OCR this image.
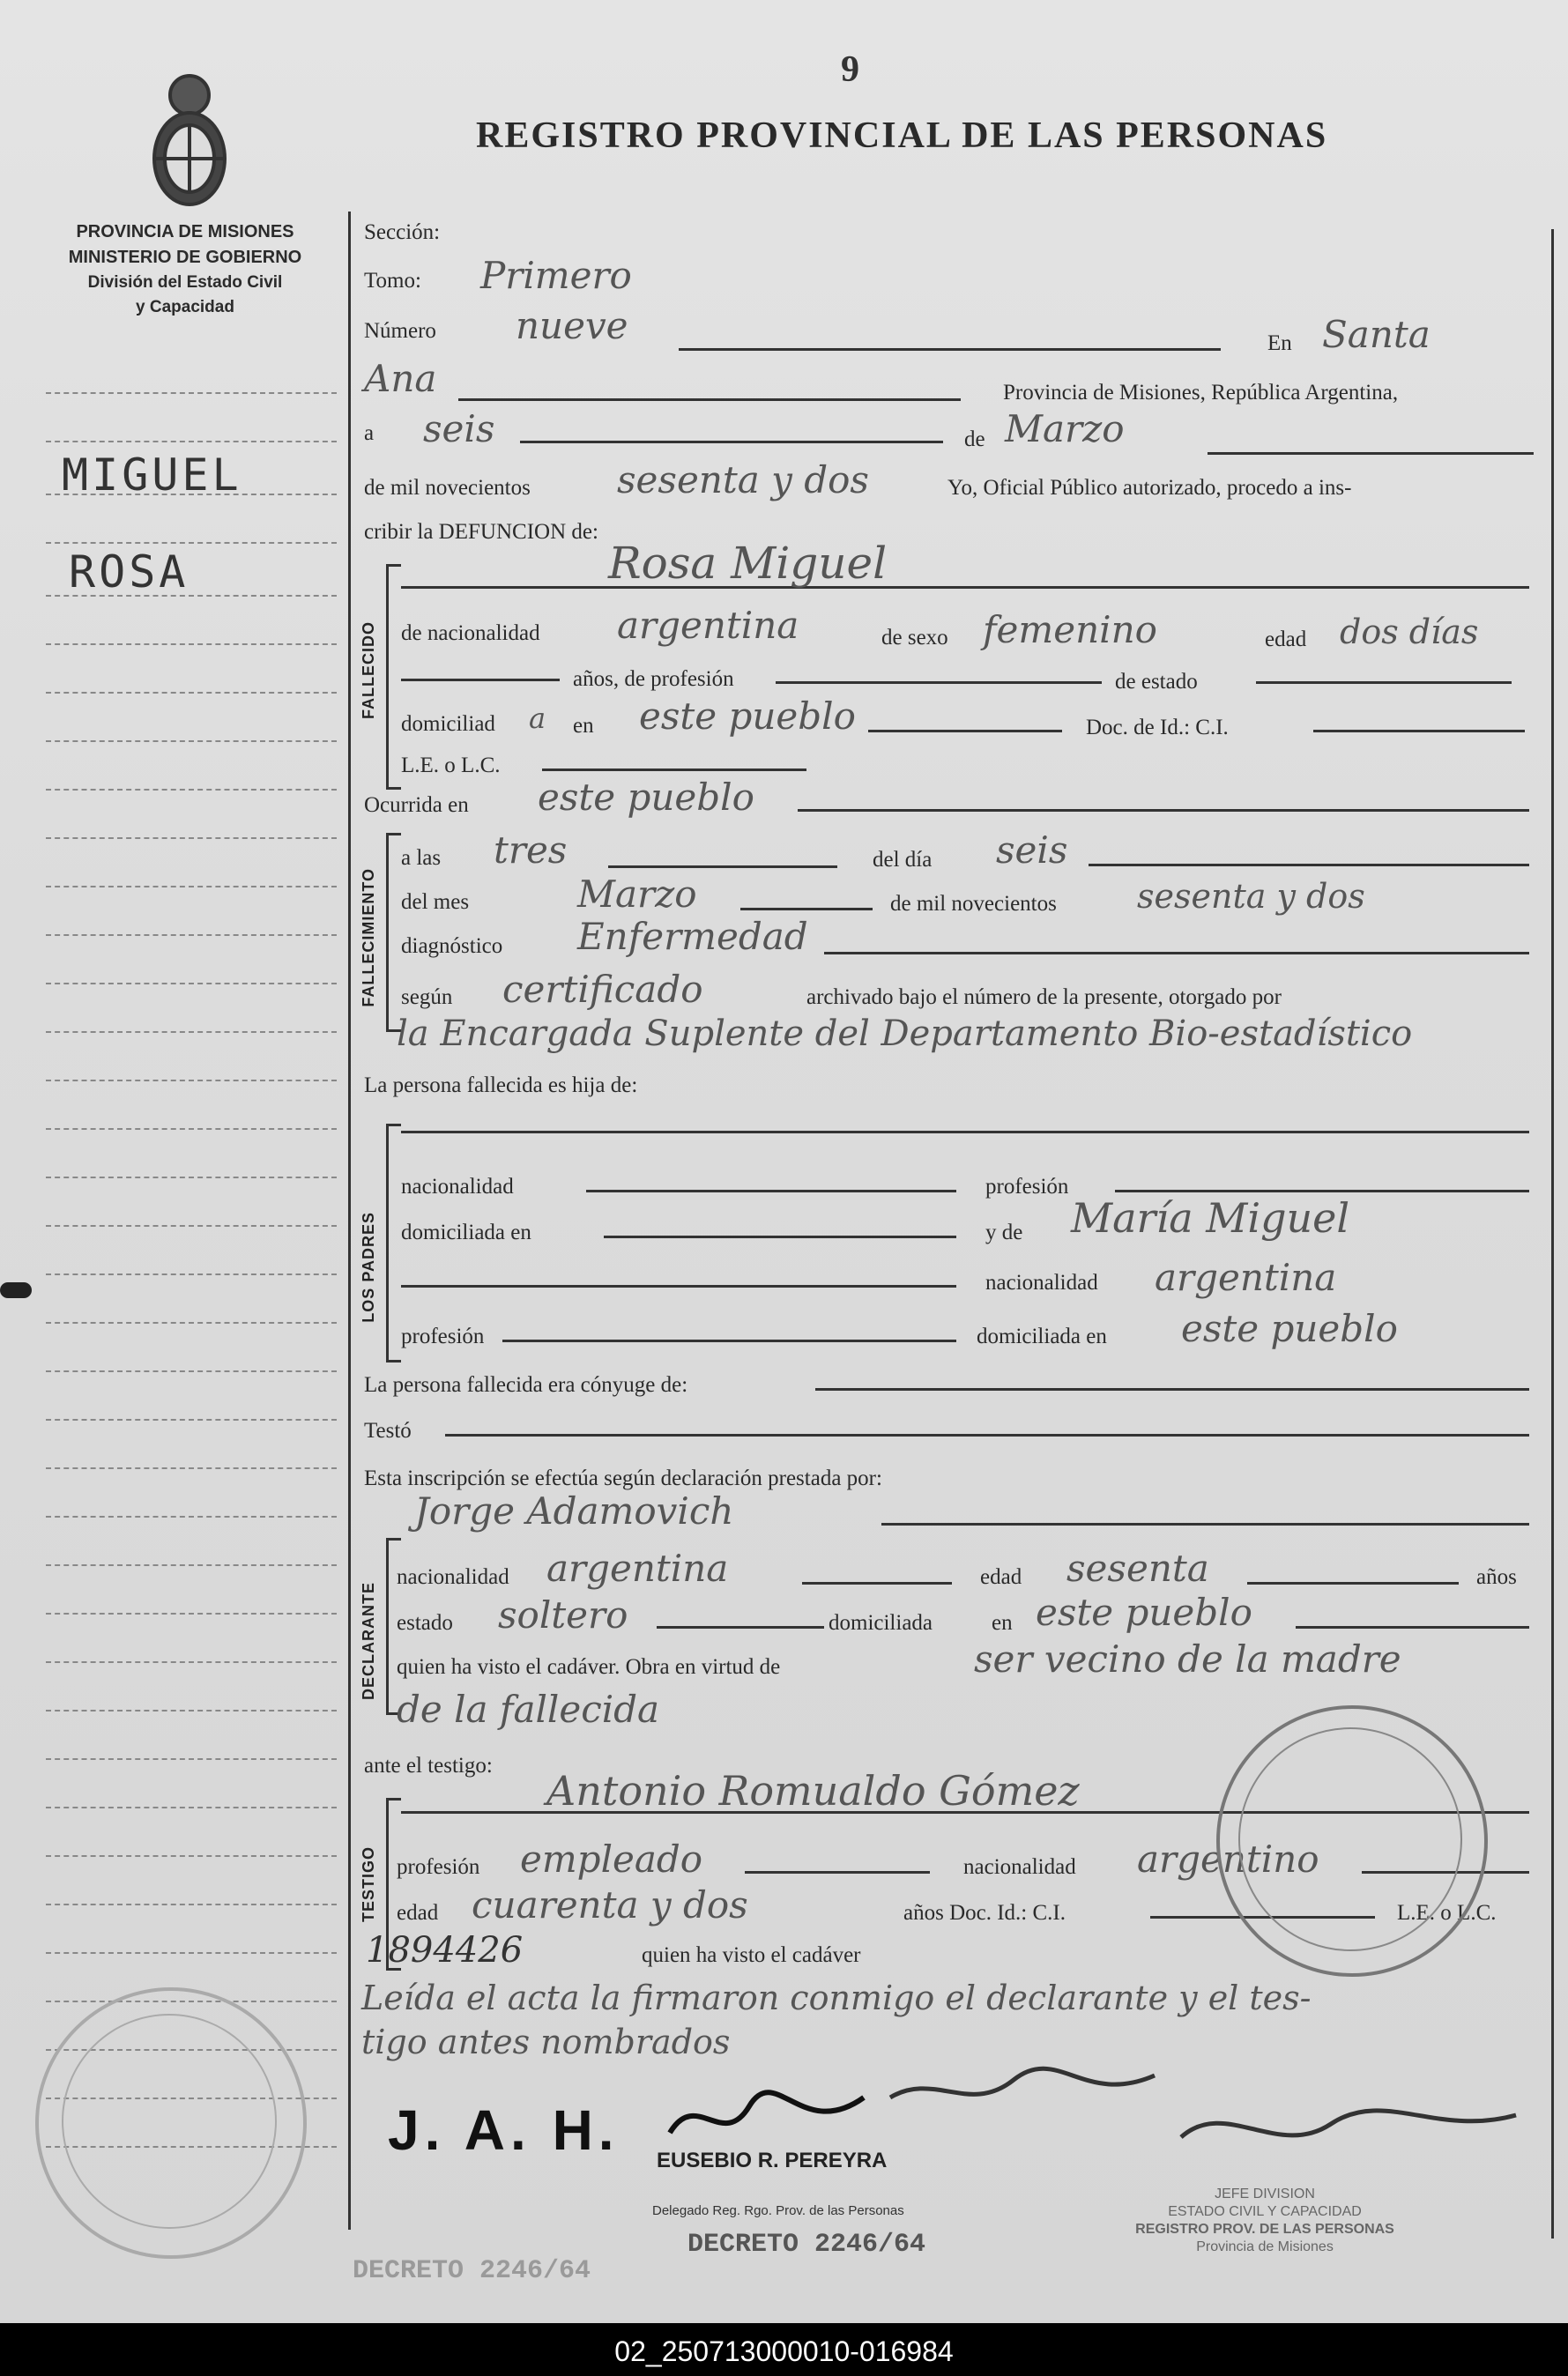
9
REGISTRO PROVINCIAL DE LAS PERSONAS
PROVINCIA DE MISIONES
MINISTERIO DE GOBIERNO
División del Estado Civil
y Capacidad
MIGUEL
ROSA
FALLECIDO
FALLECIMIENTO
LOS PADRES
DECLARANTE
TESTIGO
Sección:
Tomo: Primero
Número nueve	En Santa
Ana	Provincia de Misiones, República Argentina,
a seis	de Marzo
de mil novecientos sesenta y dos	Yo, Oficial Público autorizado, procedo a ins-
cribir la DEFUNCION de:
Rosa Miguel
de nacionalidad argentina	de sexo femenino	edad dos días
años, de profesión	de estado
domiciliad a en este pueblo	Doc. de Id.: C.I.
L.E. o L.C.
Ocurrida en este pueblo
a las tres	del día seis
del mes	Marzo	de mil novecientos sesenta y dos
diagnóstico Enfermedad
según certificado	archivado bajo el número de la presente, otorgado por
la Encargada Suplente del Departamento Bio-estadístico
La persona fallecida es hija de:
nacionalidad	profesión
domiciliada en	y de María Miguel
nacionalidad argentina
profesión	domiciliada en este pueblo
La persona fallecida era cónyuge de:
Testó
Esta inscripción se efectúa según declaración prestada por:
Jorge Adamovich
nacionalidad argentina	edad sesenta	años
estado soltero	domiciliada	en este pueblo
quien ha visto el cadáver. Obra en virtud de	ser vecino de la madre
de la fallecida
ante el testigo:
Antonio Romualdo Gómez
profesión empleado	nacionalidad argentino
edad cuarenta y dos	años Doc. Id.: C.I.	L.E. o L.C.
1894426	quien ha visto el cadáver
Leída el acta la firmaron conmigo el declarante y el tes-
tigo antes nombrados
J. A. H. EUSEBIO R. PEREYRA
Delegado Reg. Rgo. Prov. de las Personas
DECRETO 2246/64
DECRETO 2246/64
JEFE DIVISION
ESTADO CIVIL Y CAPACIDAD
REGISTRO PROV. DE LAS PERSONAS
Provincia de Misiones
02_250713000010-016984
